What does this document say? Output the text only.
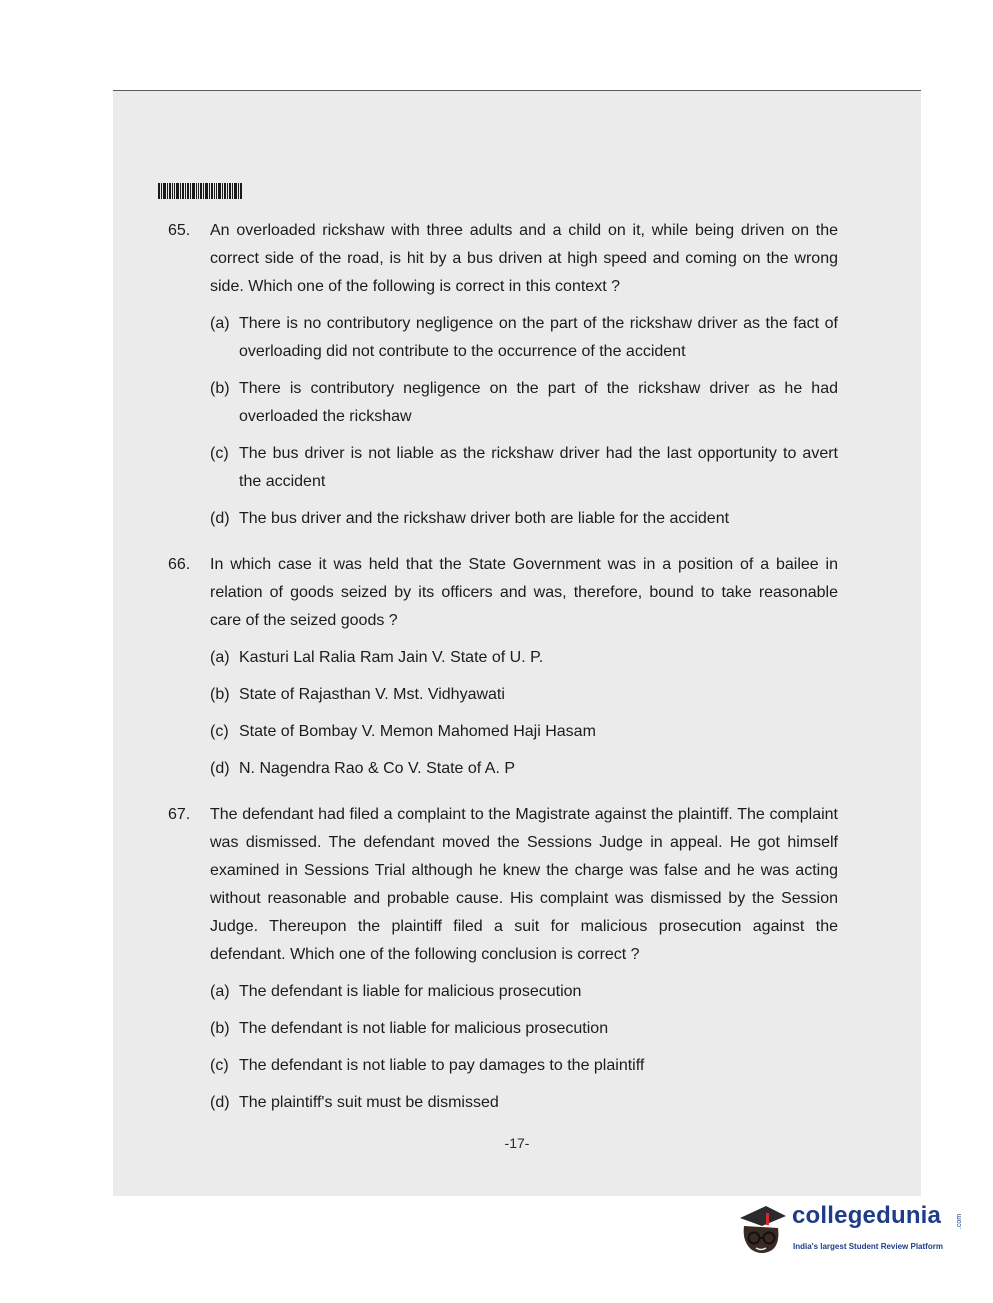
65.	An overloaded rickshaw with three adults and a child on it, while being driven on the correct side of the road, is hit by a bus driven at high speed and coming on the wrong side. Which one of the following is correct in this context ?
(a) There is no contributory negligence on the part of the rickshaw driver as the fact of overloading did not contribute to the occurrence of the accident
(b) There is contributory negligence on the part of the rickshaw driver as he had overloaded the rickshaw
(c) The bus driver is not liable as the rickshaw driver had the last opportunity to avert the accident
(d) The bus driver and the rickshaw driver both are liable for the accident
66.	In which case it was held that the State Government was in a position of a bailee in relation of goods seized by its officers and was, therefore, bound to take reasonable care of the seized goods ?
(a) Kasturi Lal Ralia Ram Jain V. State of U. P.
(b) State of Rajasthan V. Mst. Vidhyawati
(c) State of Bombay V. Memon Mahomed Haji Hasam
(d) N. Nagendra Rao & Co V. State of A. P
67.	The defendant had filed a complaint to the Magistrate against the plaintiff. The complaint was dismissed. The defendant moved the Sessions Judge in appeal. He got himself examined in Sessions Trial although he knew the charge was false and he was acting without reasonable and probable cause. His complaint was dismissed by the Session Judge. Thereupon the plaintiff filed a suit for malicious prosecution against the defendant. Which one of the following conclusion is correct ?
(a) The defendant is liable for malicious prosecution
(b) The defendant is not liable for malicious prosecution
(c) The defendant is not liable to pay damages to the plaintiff
(d) The plaintiff's suit must be dismissed
-17-
collegedunia .com
India's largest Student Review Platform
